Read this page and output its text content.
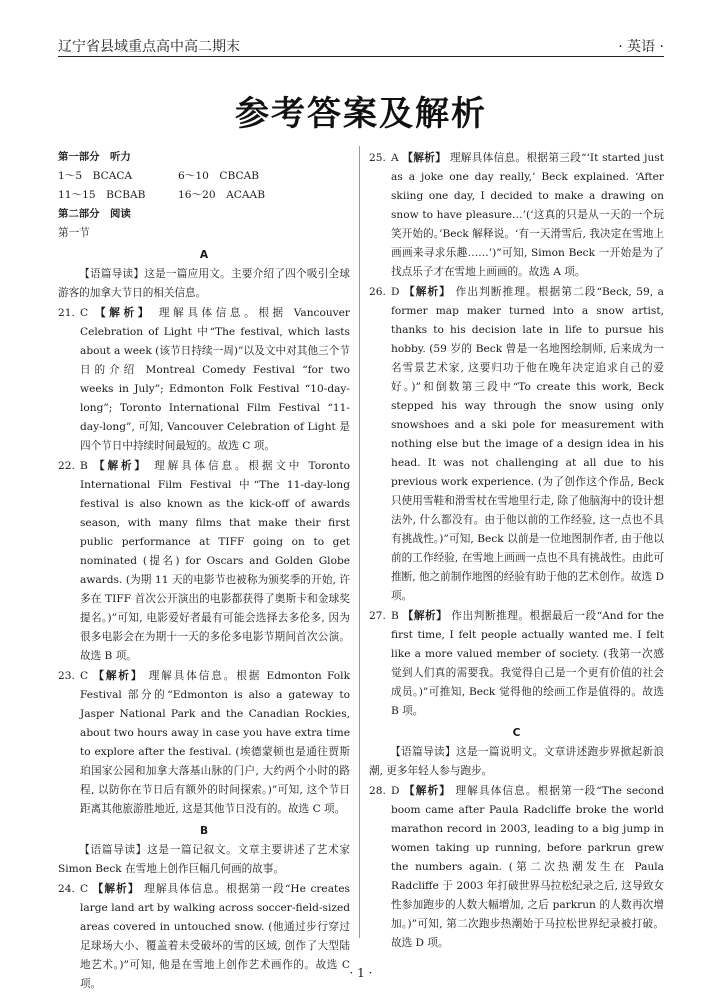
辽宁省县域重点高中高二期末	· 英语 ·
参考答案及解析
第一部分　听力
1～5　BCACA	6～10　CBCAB
11～15　BCBAB	16～20　ACAAB
第二部分　阅读
第一节
A
【语篇导读】这是一篇应用文。主要介绍了四个吸引全球游客的加拿大节日的相关信息。
21. C 【解析】 理解具体信息。根据 Vancouver Celebration of Light 中“The festival, which lasts about a week (该节日持续一周)”以及文中对其他三个节日的介绍 Montreal Comedy Festival “for two weeks in July”; Edmonton Folk Festival “10-day-long”; Toronto International Film Festival “11-day-long”, 可知, Vancouver Celebration of Light 是四个节日中持续时间最短的。故选 C 项。
22. B 【解析】 理解具体信息。根据文中 Toronto International Film Festival 中“The 11-day-long festival is also known as the kick-off of awards season, with many films that make their first public performance at TIFF going on to get nominated (提名) for Oscars and Golden Globe awards. (为期 11 天的电影节也被称为颁奖季的开始, 许多在 TIFF 首次公开演出的电影都获得了奥斯卡和金球奖提名。)”可知, 电影爱好者最有可能会选择去多伦多, 因为很多电影会在为期十一天的多伦多电影节期间首次公演。故选 B 项。
23. C 【解析】 理解具体信息。根据 Edmonton Folk Festival 部分的“Edmonton is also a gateway to Jasper National Park and the Canadian Rockies, about two hours away in case you have extra time to explore after the festival. (埃德蒙顿也是通往贾斯珀国家公园和加拿大落基山脉的门户, 大约两个小时的路程, 以防你在节日后有额外的时间探索。)”可知, 这个节日距离其他旅游胜地近, 这是其他节日没有的。故选 C 项。
B
【语篇导读】这是一篇记叙文。文章主要讲述了艺术家 Simon Beck 在雪地上创作巨幅几何画的故事。
24. C 【解析】 理解具体信息。根据第一段“He creates large land art by walking across soccer-field-sized areas covered in untouched snow. (他通过步行穿过足球场大小、覆盖着未受破坏的雪的区域, 创作了大型陆地艺术。)”可知, 他是在雪地上创作艺术画作的。故选 C 项。
25. A 【解析】 理解具体信息。根据第三段“‘It started just as a joke one day really,’ Beck explained. ‘After skiing one day, I decided to make a drawing on snow to have pleasure…’(‘这真的只是从一天的一个玩笑开始的。’Beck 解释说。‘有一天滑雪后, 我决定在雪地上画画来寻求乐趣……’)”可知, Simon Beck 一开始是为了找点乐子才在雪地上画画的。故选 A 项。
26. D 【解析】 作出判断推理。根据第二段“Beck, 59, a former map maker turned into a snow artist, thanks to his decision late in life to pursue his hobby. (59 岁的 Beck 曾是一名地图绘制师, 后来成为一名雪景艺术家, 这要归功于他在晚年决定追求自己的爱好。)”和倒数第三段中“To create this work, Beck stepped his way through the snow using only snowshoes and a ski pole for measurement with nothing else but the image of a design idea in his head. It was not challenging at all due to his previous work experience. (为了创作这个作品, Beck 只使用雪鞋和滑雪杖在雪地里行走, 除了他脑海中的设计想法外, 什么都没有。由于他以前的工作经验, 这一点也不具有挑战性。)”可知, Beck 以前是一位地图制作者, 由于他以前的工作经验, 在雪地上画画一点也不具有挑战性。由此可推断, 他之前制作地图的经验有助于他的艺术创作。故选 D 项。
27. B 【解析】 作出判断推理。根据最后一段“And for the first time, I felt people actually wanted me. I felt like a more valued member of society. (我第一次感觉到人们真的需要我。我觉得自己是一个更有价值的社会成员。)”可推知, Beck 觉得他的绘画工作是值得的。故选 B 项。
C
【语篇导读】这是一篇说明文。文章讲述跑步界掀起新浪潮, 更多年轻人参与跑步。
28. D 【解析】 理解具体信息。根据第一段“The second boom came after Paula Radcliffe broke the world marathon record in 2003, leading to a big jump in women taking up running, before parkrun grew the numbers again. (第二次热潮发生在 Paula Radcliffe 于 2003 年打破世界马拉松纪录之后, 这导致女性参加跑步的人数大幅增加, 之后 parkrun 的人数再次增加。)”可知, 第二次跑步热潮始于马拉松世界纪录被打破。故选 D 项。
· 1 ·
